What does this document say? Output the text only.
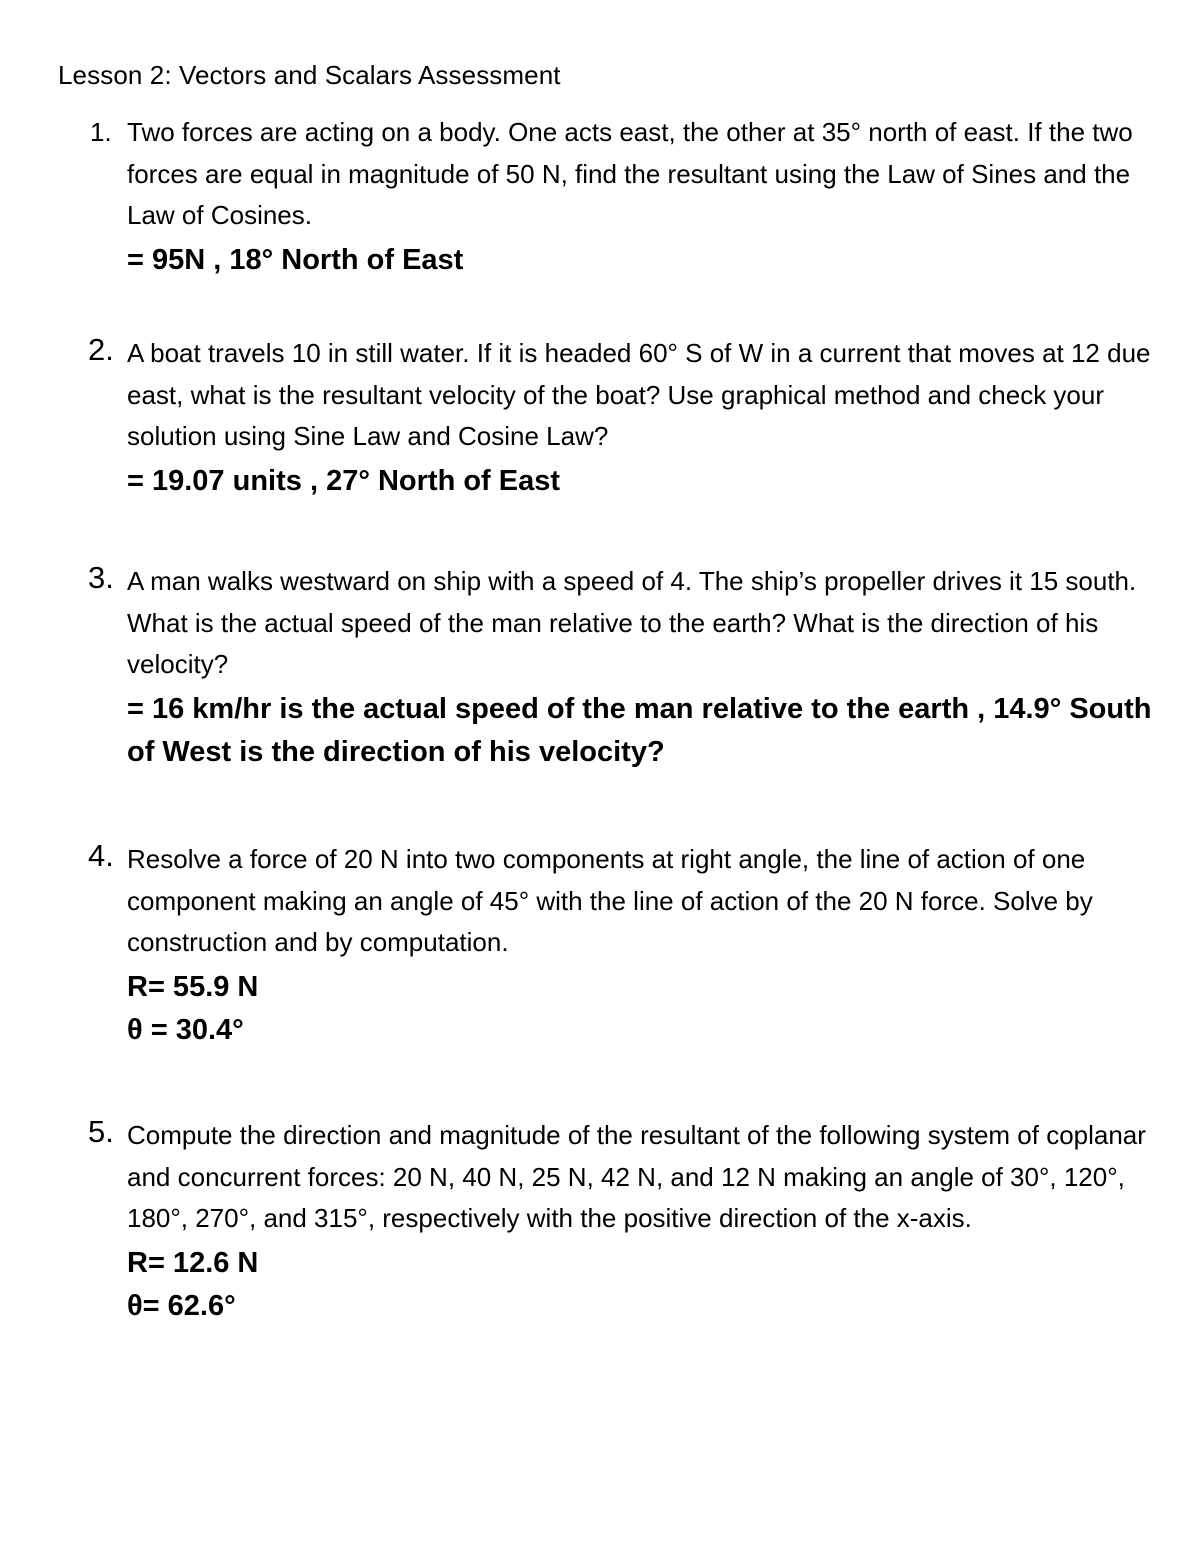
Lesson 2: Vectors and Scalars Assessment
1. Two forces are acting on a body. One acts east, the other at 35° north of east. If the two forces are equal in magnitude of 50 N, find the resultant using the Law of Sines and the Law of Cosines.

= 95N , 18° North of East

2. A boat travels 10 in still water. If it is headed 60° S of W in a current that moves at 12 due east, what is the resultant velocity of the boat? Use graphical method and check your solution using Sine Law and Cosine Law?

= 19.07 units , 27° North of East

3. A man walks westward on ship with a speed of 4. The ship’s propeller drives it 15 south. What is the actual speed of the man relative to the earth? What is the direction of his velocity?

= 16 km/hr is the actual speed of the man relative to the earth , 14.9° South of West is the direction of his velocity?

4. Resolve a force of 20 N into two components at right angle, the line of action of one component making an angle of 45° with the line of action of the 20 N force. Solve by construction and by computation.

R= 55.9 N

θ = 30.4°

5. Compute the direction and magnitude of the resultant of the following system of coplanar and concurrent forces: 20 N, 40 N, 25 N, 42 N, and 12 N making an angle of 30°, 120°, 180°, 270°, and 315°, respectively with the positive direction of the x-axis.

R= 12.6 N

θ= 62.6°
